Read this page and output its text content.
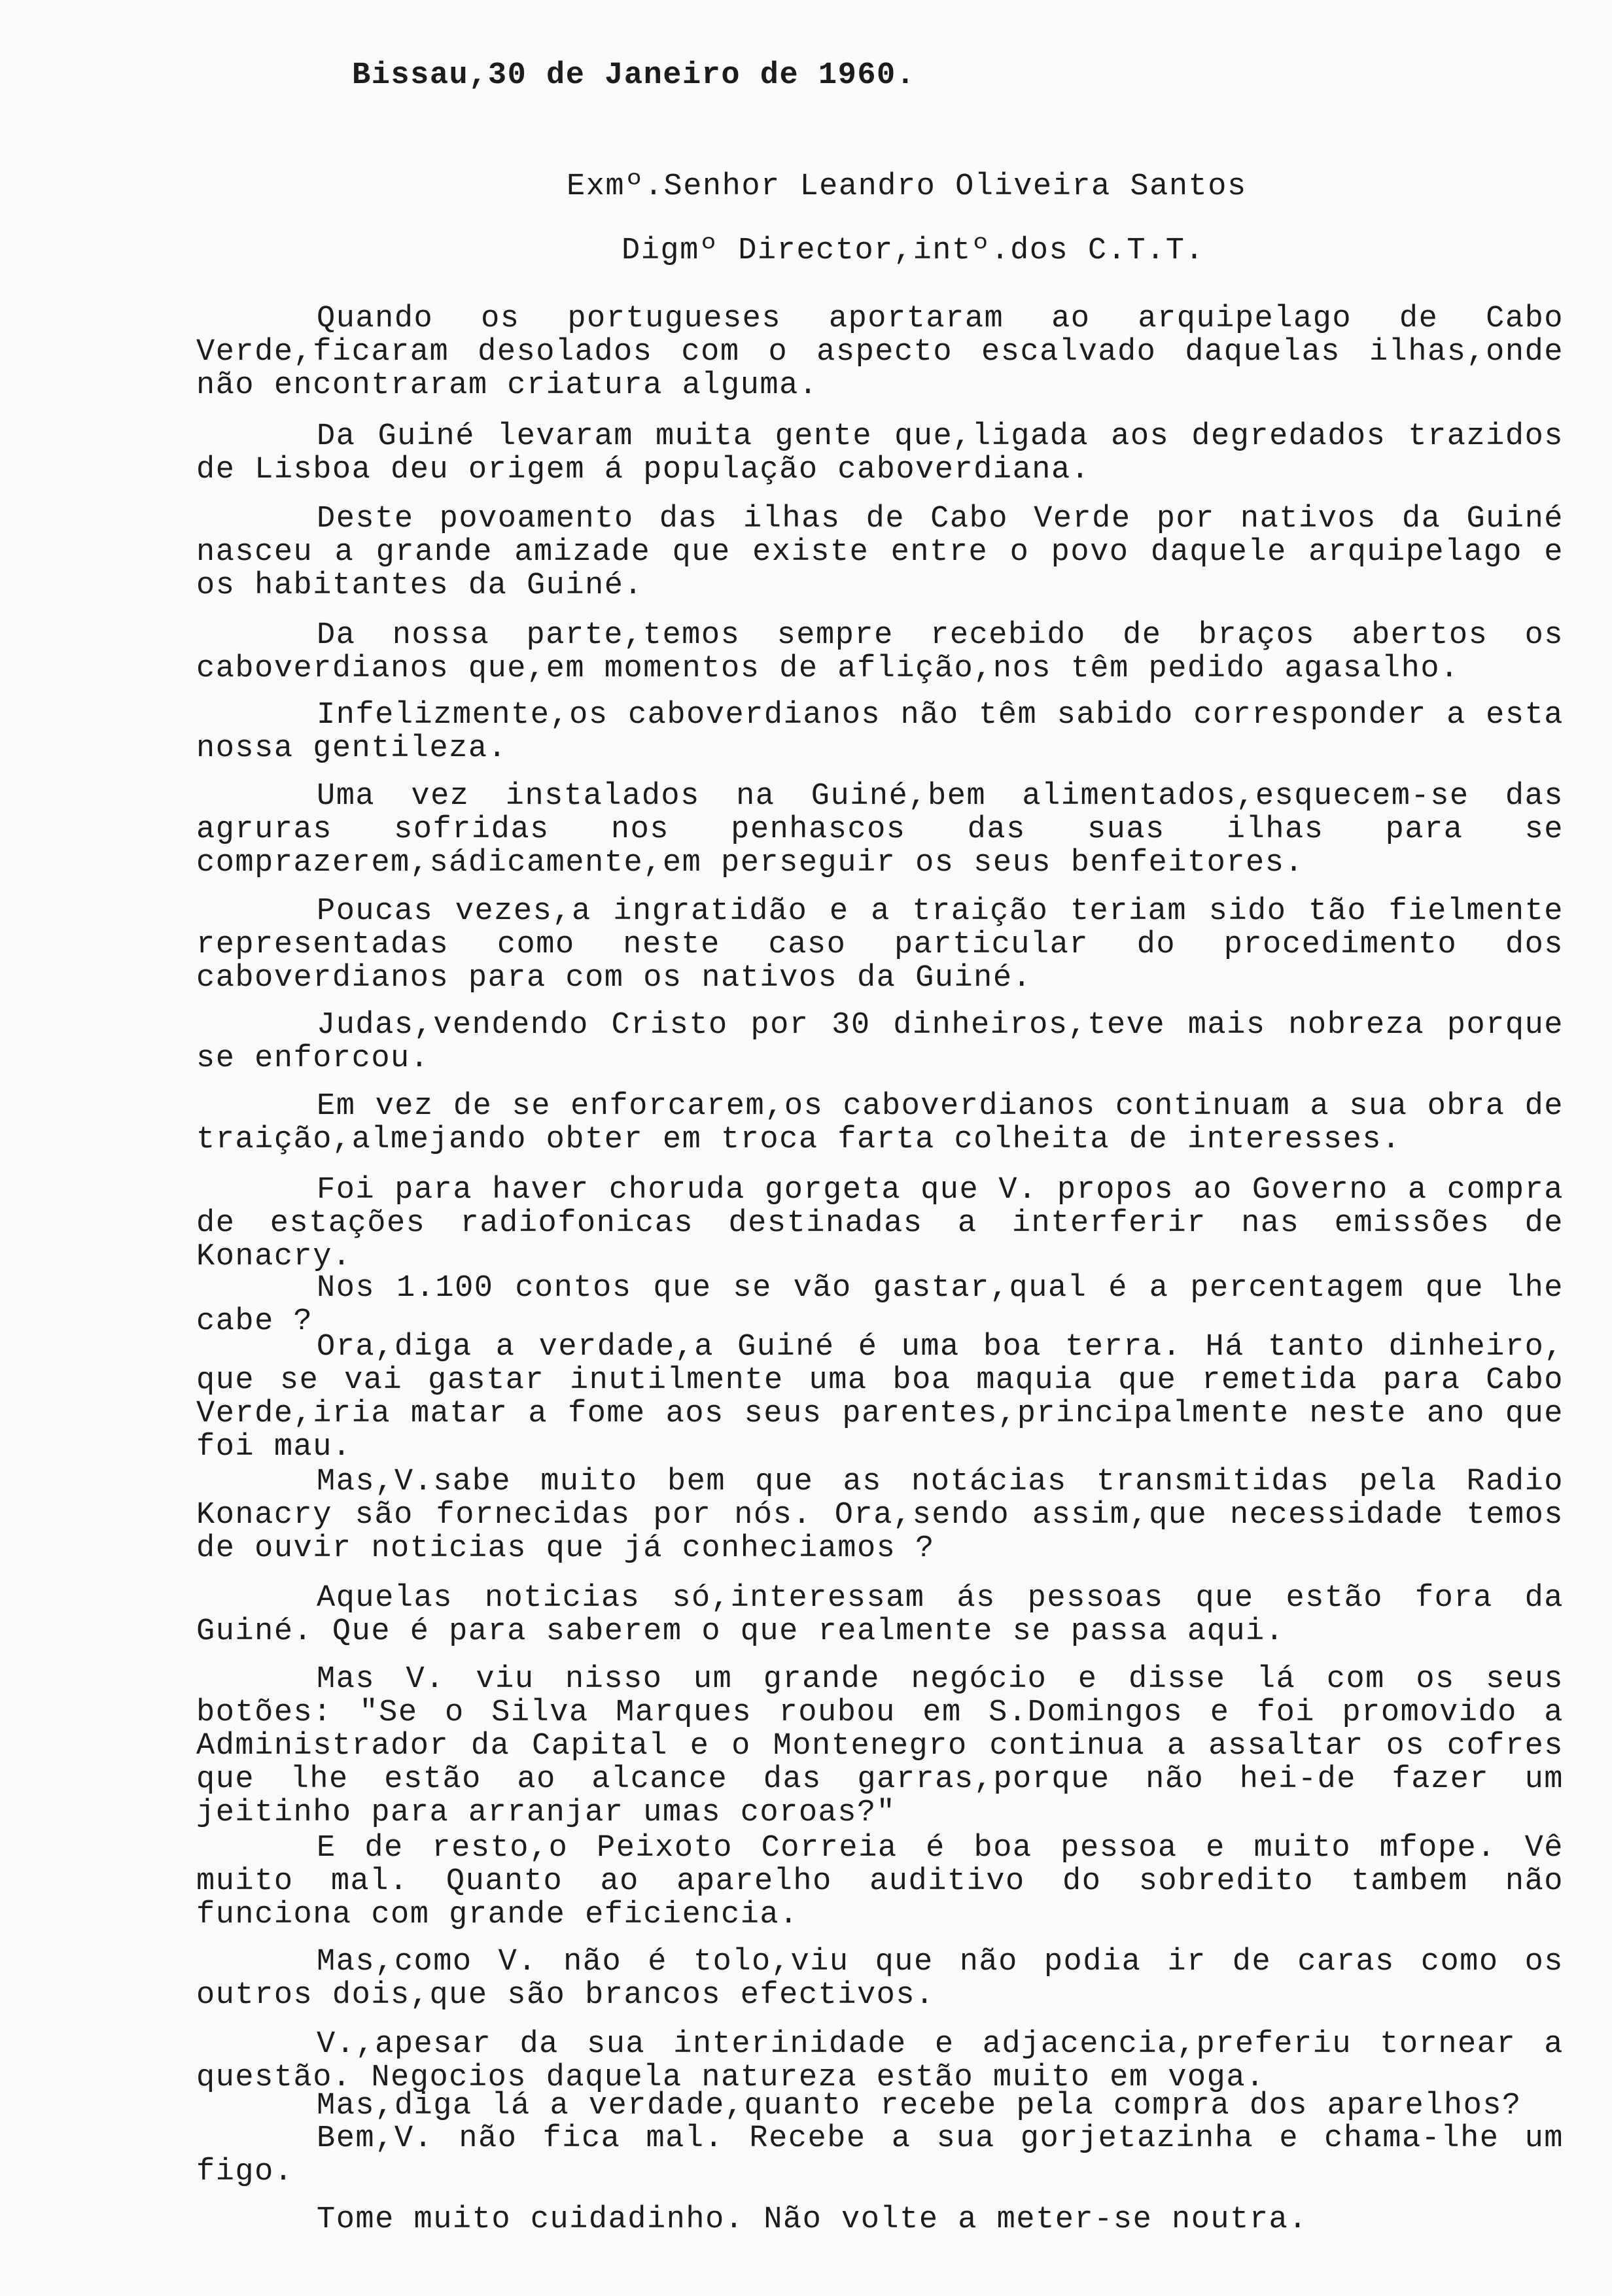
Bissau,30 de Janeiro de 1960.
Exmº.Senhor Leandro Oliveira Santos
Digmº Director,intº.dos C.T.T.
Quando os portugueses aportaram ao arquipelago de Cabo Verde,ficaram desolados com o aspecto escalvado daquelas ilhas,onde não encontraram criatura alguma.
Da Guiné levaram muita gente que,ligada aos degredados trazidos de Lisboa deu origem á população caboverdiana.
Deste povoamento das ilhas de Cabo Verde por nativos da Guiné nasceu a grande amizade que existe entre o povo daquele arquipelago e os habitantes da Guiné.
Da nossa parte,temos sempre recebido de braços abertos os caboverdianos que,em momentos de aflição,nos têm pedido agasalho.
Infelizmente,os caboverdianos não têm sabido corresponder a esta nossa gentileza.
Uma vez instalados na Guiné,bem alimentados,esquecem-se das agruras sofridas nos penhascos das suas ilhas para se comprazerem,sádicamente,em perseguir os seus benfeitores.
Poucas vezes,a ingratidão e a traição teriam sido tão fielmente representadas como neste caso particular do procedimento dos caboverdianos para com os nativos da Guiné.
Judas,vendendo Cristo por 30 dinheiros,teve mais nobreza porque se enforcou.
Em vez de se enforcarem,os caboverdianos continuam a sua obra de traição,almejando obter em troca farta colheita de interesses.
Foi para haver choruda gorgeta que V. propos ao Governo a compra de estações radiofonicas destinadas a interferir nas emissões de Konacry.
Nos 1.100 contos que se vão gastar,qual é a percentagem que lhe cabe ?
Ora,diga a verdade,a Guiné é uma boa terra. Há tanto dinheiro, que se vai gastar inutilmente uma boa maquia que remetida para Cabo Verde,iria matar a fome aos seus parentes,principalmente neste ano que foi mau.
Mas,V.sabe muito bem que as notácias transmitidas pela Radio Konacry são fornecidas por nós. Ora,sendo assim,que necessidade temos de ouvir noticias que já conheciamos ?
Aquelas noticias só,interessam ás pessoas que estão fora da Guiné. Que é para saberem o que realmente se passa aqui.
Mas V. viu nisso um grande negócio e disse lá com os seus botões: "Se o Silva Marques roubou em S.Domingos e foi promovido a Administrador da Capital e o Montenegro continua a assaltar os cofres que lhe estão ao alcance das garras,porque não hei-de fazer um jeitinho para arranjar umas coroas?"
E de resto,o Peixoto Correia é boa pessoa e muito mfope. Vê muito mal. Quanto ao aparelho auditivo do sobredito tambem não funciona com grande eficiencia.
Mas,como V. não é tolo,viu que não podia ir de caras como os outros dois,que são brancos efectivos.
V.,apesar da sua interinidade e adjacencia,preferiu tornear a questão. Negocios daquela natureza estão muito em voga.
Mas,diga lá a verdade,quanto recebe pela compra dos aparelhos?
Bem,V. não fica mal. Recebe a sua gorjetazinha e chama-lhe um figo.
Tome muito cuidadinho. Não volte a meter-se noutra.
